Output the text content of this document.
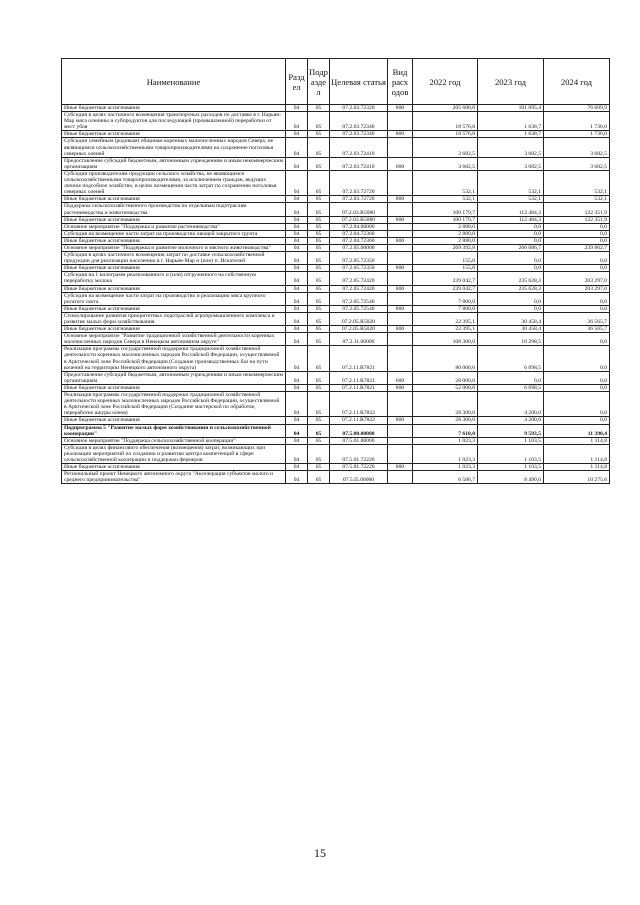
Наименование	Разд ел	Подр азде л	Целевая статья	Вид расх одов	2022 год	2023 год	2024 год
Иные бюджетные ассигнования	04	05	07.2.03.72320	800	205 680,0	101 695,4	76 699,9
Субсидия в целях частичного возмещения транспортных расходов по доставке в г. Нарьян-Мар мяса оленины и субпродуктов для последующей (промышленной) переработки от мест убоя	04	05	07.2.03.72340		18 576,8	1 638,7	1 736,0
Иные бюджетные ассигнования	04	05	07.2.03.72340	800	18 576,8	1 638,7	1 736,0
Субсидии семейным (родовым) общинам коренных малочисленных народов Севера, не являющимся сельскохозяйственными товаропроизводителями на сохранение поголовья северных оленей	04	05	07.2.03.72410		3 682,5	3 682,5	3 682,5
Предоставление субсидий бюджетным, автономным учреждениям и иным некоммерческим организациям	04	05	07.2.03.72410	600	3 682,5	3 682,5	3 682,5
Субсидии производителям продукции сельского хозяйства, не являющимся сельскохозяйственными товаропроизводителями, за исключением граждан, ведущих личное подсобное хозяйство, в целях возмещения части затрат по сохранению поголовья северных оленей	04	05	07.2.03.72720		532,1	532,1	532,1
Иные бюджетные ассигнования	04	05	07.2.03.72720	800	532,1	532,1	532,1
Поддержка сельскохозяйственного производства по отдельным подотраслям растениеводства и животноводства	04	05	07.2.03.R5080		100 179,7	112 484,3	122 351,9
Иные бюджетные ассигнования	04	05	07.2.03.R5080	800	100 179,7	112 484,3	122 351,9
Основное мероприятие "Поддержка и развитие растениеводства"	04	05	07.2.04.00000		2 880,0	0,0	0,0
Субсидия на возмещение части затрат на производство овощей закрытого грунта	04	05	07.2.04.72360		2 880,0	0,0	0,0
Иные бюджетные ассигнования	04	05	07.2.04.72360	800	2 880,0	0,0	0,0
Основное мероприятие "Поддержка и развитие молочного и мясного животноводства"	04	05	07.2.05.00000		269 392,8	266 086,7	239 862,7
Субсидия в целях частичного возмещения затрат по доставке сельскохозяйственной продукции для реализации населению в г. Нарьян-Мар и (или) п. Искателей	04	05	07.2.05.72350		155,0	0,0	0,0
Иные бюджетные ассигнования	04	05	07.2.05.72350	800	155,0	0,0	0,0
Субсидия на 1 килограмм реализованного и (или) отгруженного на собственную переработку молока	04	05	07.2.05.72420		239 042,7	235 628,3	203 297,0
Иные бюджетные ассигнования	04	05	07.2.05.72420	800	239 042,7	235 628,3	203 297,0
Субсидия на возмещение части затрат на производство и реализацию мяса крупного рогатого скота	04	05	07.2.05.72540		7 800,0	0,0	0,0
Иные бюджетные ассигнования	04	05	07.2.05.72540	800	7 800,0	0,0	0,0
Стимулирование развития приоритетных подотраслей агропромышленного комплекса и развитие малых форм хозяйствования	04	05	07.2.05.R5020		22 395,1	30 458,4	36 565,7
Иные бюджетные ассигнования	04	05	07.2.05.R5020	800	22 395,1	30 458,4	36 565,7
Основное мероприятие "Развитие традиционной хозяйственной деятельности коренных малочисленных народов Севера в Ненецком автономном округе"	04	05	07.2.11.00000		108 300,0	10 298,5	0,0
Реализация программы государственной поддержки традиционной хозяйственной деятельности коренных малочисленных народов Российской Федерации, осуществляемой в Арктической зоне Российской Федерации (Создание производственных баз на пути кочений на территории Ненецкого автономного округа)	04	05	07.2.11.R7821		80 000,0	6 098,5	0,0
Предоставление субсидий бюджетным, автономным учреждениям и иным некоммерческим организациям	04	05	07.2.11.R7821	600	28 000,0	0,0	0,0
Иные бюджетные ассигнования	04	05	07.2.11.R7821	800	52 000,0	6 098,5	0,0
Реализация программы государственной поддержки традиционной хозяйственной деятельности коренных малочисленных народов Российской Федерации, осуществляемой в Арктической зоне Российской Федерации (Создание мастерской по обработке, переработке шкуры оленя)	04	05	07.2.11.R7822		28 300,0	4 200,0	0,0
Иные бюджетные ассигнования	04	05	07.2.11.R7822	800	28 300,0	4 200,0	0,0
Подпрограмма 5 "Развитие малых форм хозяйствования и сельскохозяйственной кооперации"	04	05	07.5.00.00000		7 610,0	9 593,5	11 390,4
Основное мероприятие "Поддержка сельскохозяйственной кооперации"	04	05	07.5.01.00000		1 023,3	1 103,5	1 114,8
Субсидия в целях финансового обеспечения (возмещения) затрат, возникающих при реализации мероприятий по созданию и развитию центра компетенций в сфере сельскохозяйственной кооперации и поддержки фермеров	04	05	07.5.01.72220		1 023,3	1 103,5	1 114,8
Иные бюджетные ассигнования	04	05	07.5.01.72220	800	1 023,3	1 103,5	1 114,8
Региональный проект Ненецкого автономного округа "Акселерация субъектов малого и среднего предпринимательства"	04	05	07.5.I5.00000		6 586,7	8 490,0	10 275,6
15
